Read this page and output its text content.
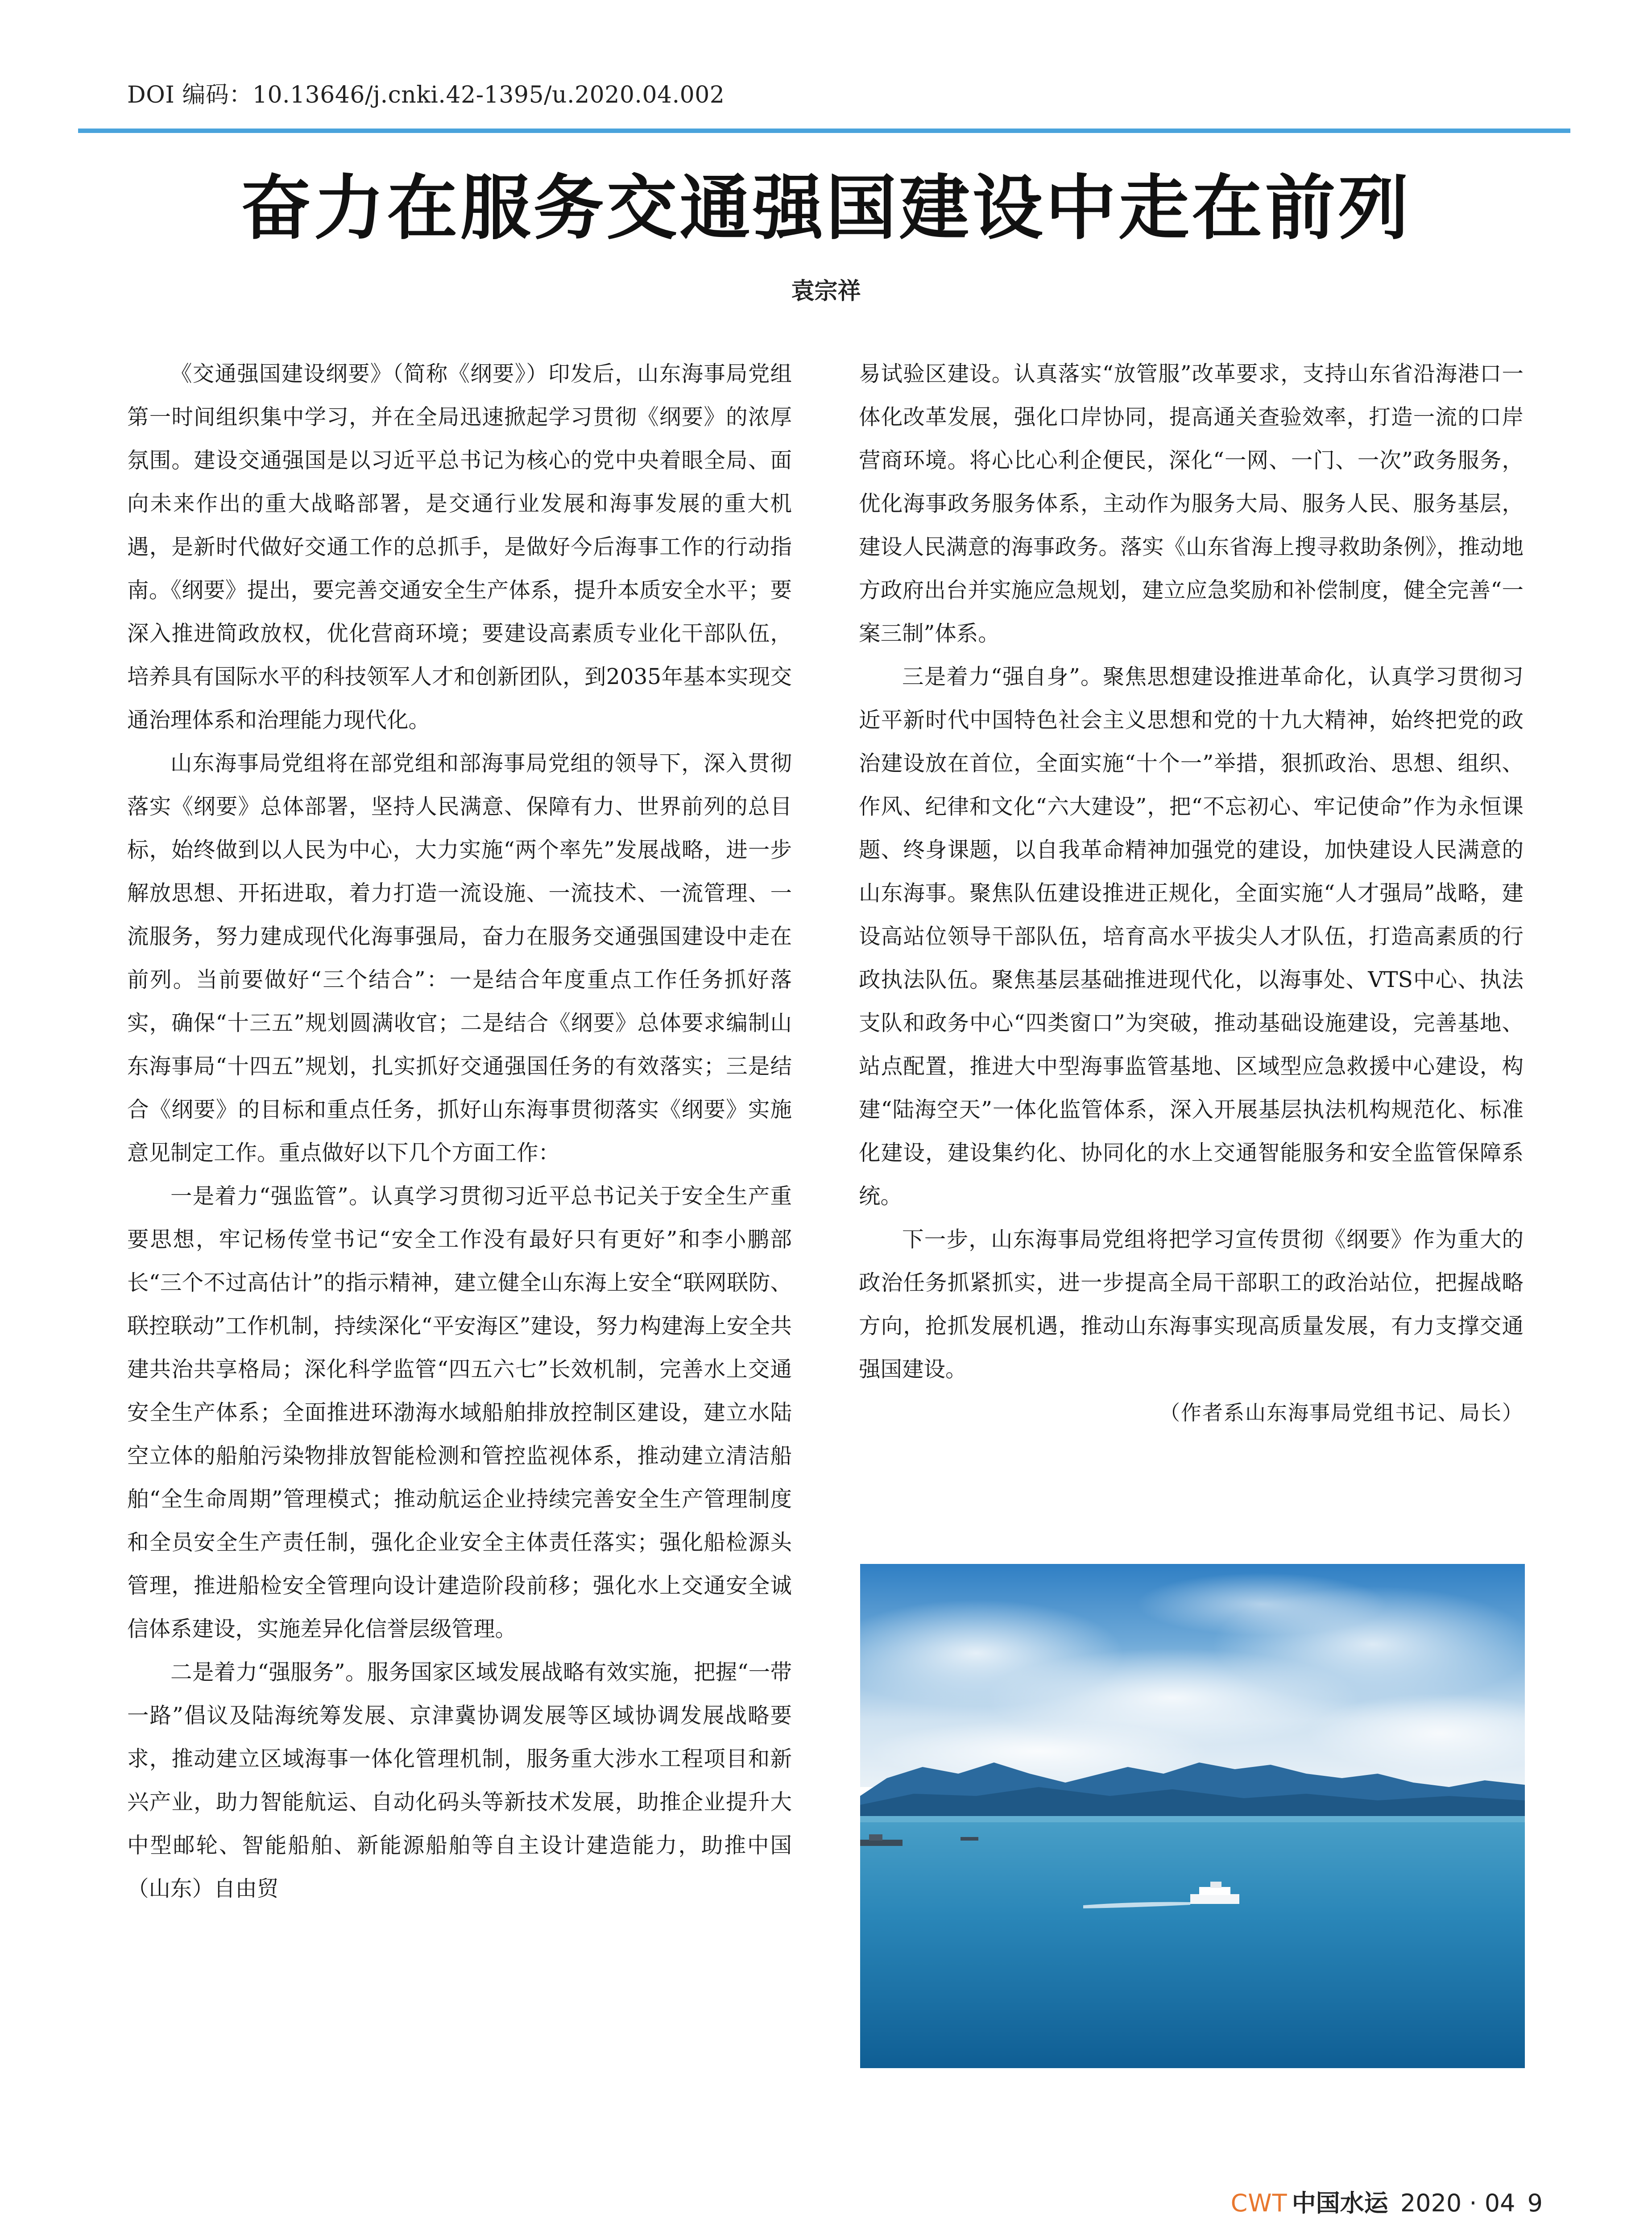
DOI 编码：10.13646/j.cnki.42-1395/u.2020.04.002
奋力在服务交通强国建设中走在前列
袁宗祥

《交通强国建设纲要》（简称《纲要》）印发后，山东海事局党组第一时间组织集中学习，并在全局迅速掀起学习贯彻《纲要》的浓厚氛围。建设交通强国是以习近平总书记为核心的党中央着眼全局、面向未来作出的重大战略部署，是交通行业发展和海事发展的重大机遇，是新时代做好交通工作的总抓手，是做好今后海事工作的行动指南。《纲要》提出，要完善交通安全生产体系，提升本质安全水平；要深入推进简政放权，优化营商环境；要建设高素质专业化干部队伍，培养具有国际水平的科技领军人才和创新团队，到2035年基本实现交通治理体系和治理能力现代化。

山东海事局党组将在部党组和部海事局党组的领导下，深入贯彻落实《纲要》总体部署，坚持人民满意、保障有力、世界前列的总目标，始终做到以人民为中心，大力实施“两个率先”发展战略，进一步解放思想、开拓进取，着力打造一流设施、一流技术、一流管理、一流服务，努力建成现代化海事强局，奋力在服务交通强国建设中走在前列。当前要做好“三个结合”：一是结合年度重点工作任务抓好落实，确保“十三五”规划圆满收官；二是结合《纲要》总体要求编制山东海事局“十四五”规划，扎实抓好交通强国任务的有效落实；三是结合《纲要》的目标和重点任务，抓好山东海事贯彻落实《纲要》实施意见制定工作。重点做好以下几个方面工作：

一是着力“强监管”。认真学习贯彻习近平总书记关于安全生产重要思想，牢记杨传堂书记“安全工作没有最好只有更好”和李小鹏部长“三个不过高估计”的指示精神，建立健全山东海上安全“联网联防、联控联动”工作机制，持续深化“平安海区”建设，努力构建海上安全共建共治共享格局；深化科学监管“四五六七”长效机制，完善水上交通安全生产体系；全面推进环渤海水域船舶排放控制区建设，建立水陆空立体的船舶污染物排放智能检测和管控监视体系，推动建立清洁船舶“全生命周期”管理模式；推动航运企业持续完善安全生产管理制度和全员安全生产责任制，强化企业安全主体责任落实；强化船检源头管理，推进船检安全管理向设计建造阶段前移；强化水上交通安全诚信体系建设，实施差异化信誉层级管理。

二是着力“强服务”。服务国家区域发展战略有效实施，把握“一带一路”倡议及陆海统筹发展、京津冀协调发展等区域协调发展战略要求，推动建立区域海事一体化管理机制，服务重大涉水工程项目和新兴产业，助力智能航运、自动化码头等新技术发展，助推企业提升大中型邮轮、智能船舶、新能源船舶等自主设计建造能力，助推中国（山东）自由贸

易试验区建设。认真落实“放管服”改革要求，支持山东省沿海港口一体化改革发展，强化口岸协同，提高通关查验效率，打造一流的口岸营商环境。将心比心利企便民，深化“一网、一门、一次”政务服务，优化海事政务服务体系，主动作为服务大局、服务人民、服务基层，建设人民满意的海事政务。落实《山东省海上搜寻救助条例》，推动地方政府出台并实施应急规划，建立应急奖励和补偿制度，健全完善“一案三制”体系。

三是着力“强自身”。聚焦思想建设推进革命化，认真学习贯彻习近平新时代中国特色社会主义思想和党的十九大精神，始终把党的政治建设放在首位，全面实施“十个一”举措，狠抓政治、思想、组织、作风、纪律和文化“六大建设”，把“不忘初心、牢记使命”作为永恒课题、终身课题，以自我革命精神加强党的建设，加快建设人民满意的山东海事。聚焦队伍建设推进正规化，全面实施“人才强局”战略，建设高站位领导干部队伍，培育高水平拔尖人才队伍，打造高素质的行政执法队伍。聚焦基层基础推进现代化，以海事处、VTS中心、执法支队和政务中心“四类窗口”为突破，推动基础设施建设，完善基地、站点配置，推进大中型海事监管基地、区域型应急救援中心建设，构建“陆海空天”一体化监管体系，深入开展基层执法机构规范化、标准化建设，建设集约化、协同化的水上交通智能服务和安全监管保障系统。

下一步，山东海事局党组将把学习宣传贯彻《纲要》作为重大的政治任务抓紧抓实，进一步提高全局干部职工的政治站位，把握战略方向，抢抓发展机遇，推动山东海事实现高质量发展，有力支撑交通强国建设。

（作者系山东海事局党组书记、局长）

CWT 中国水运 2020 · 04 9
